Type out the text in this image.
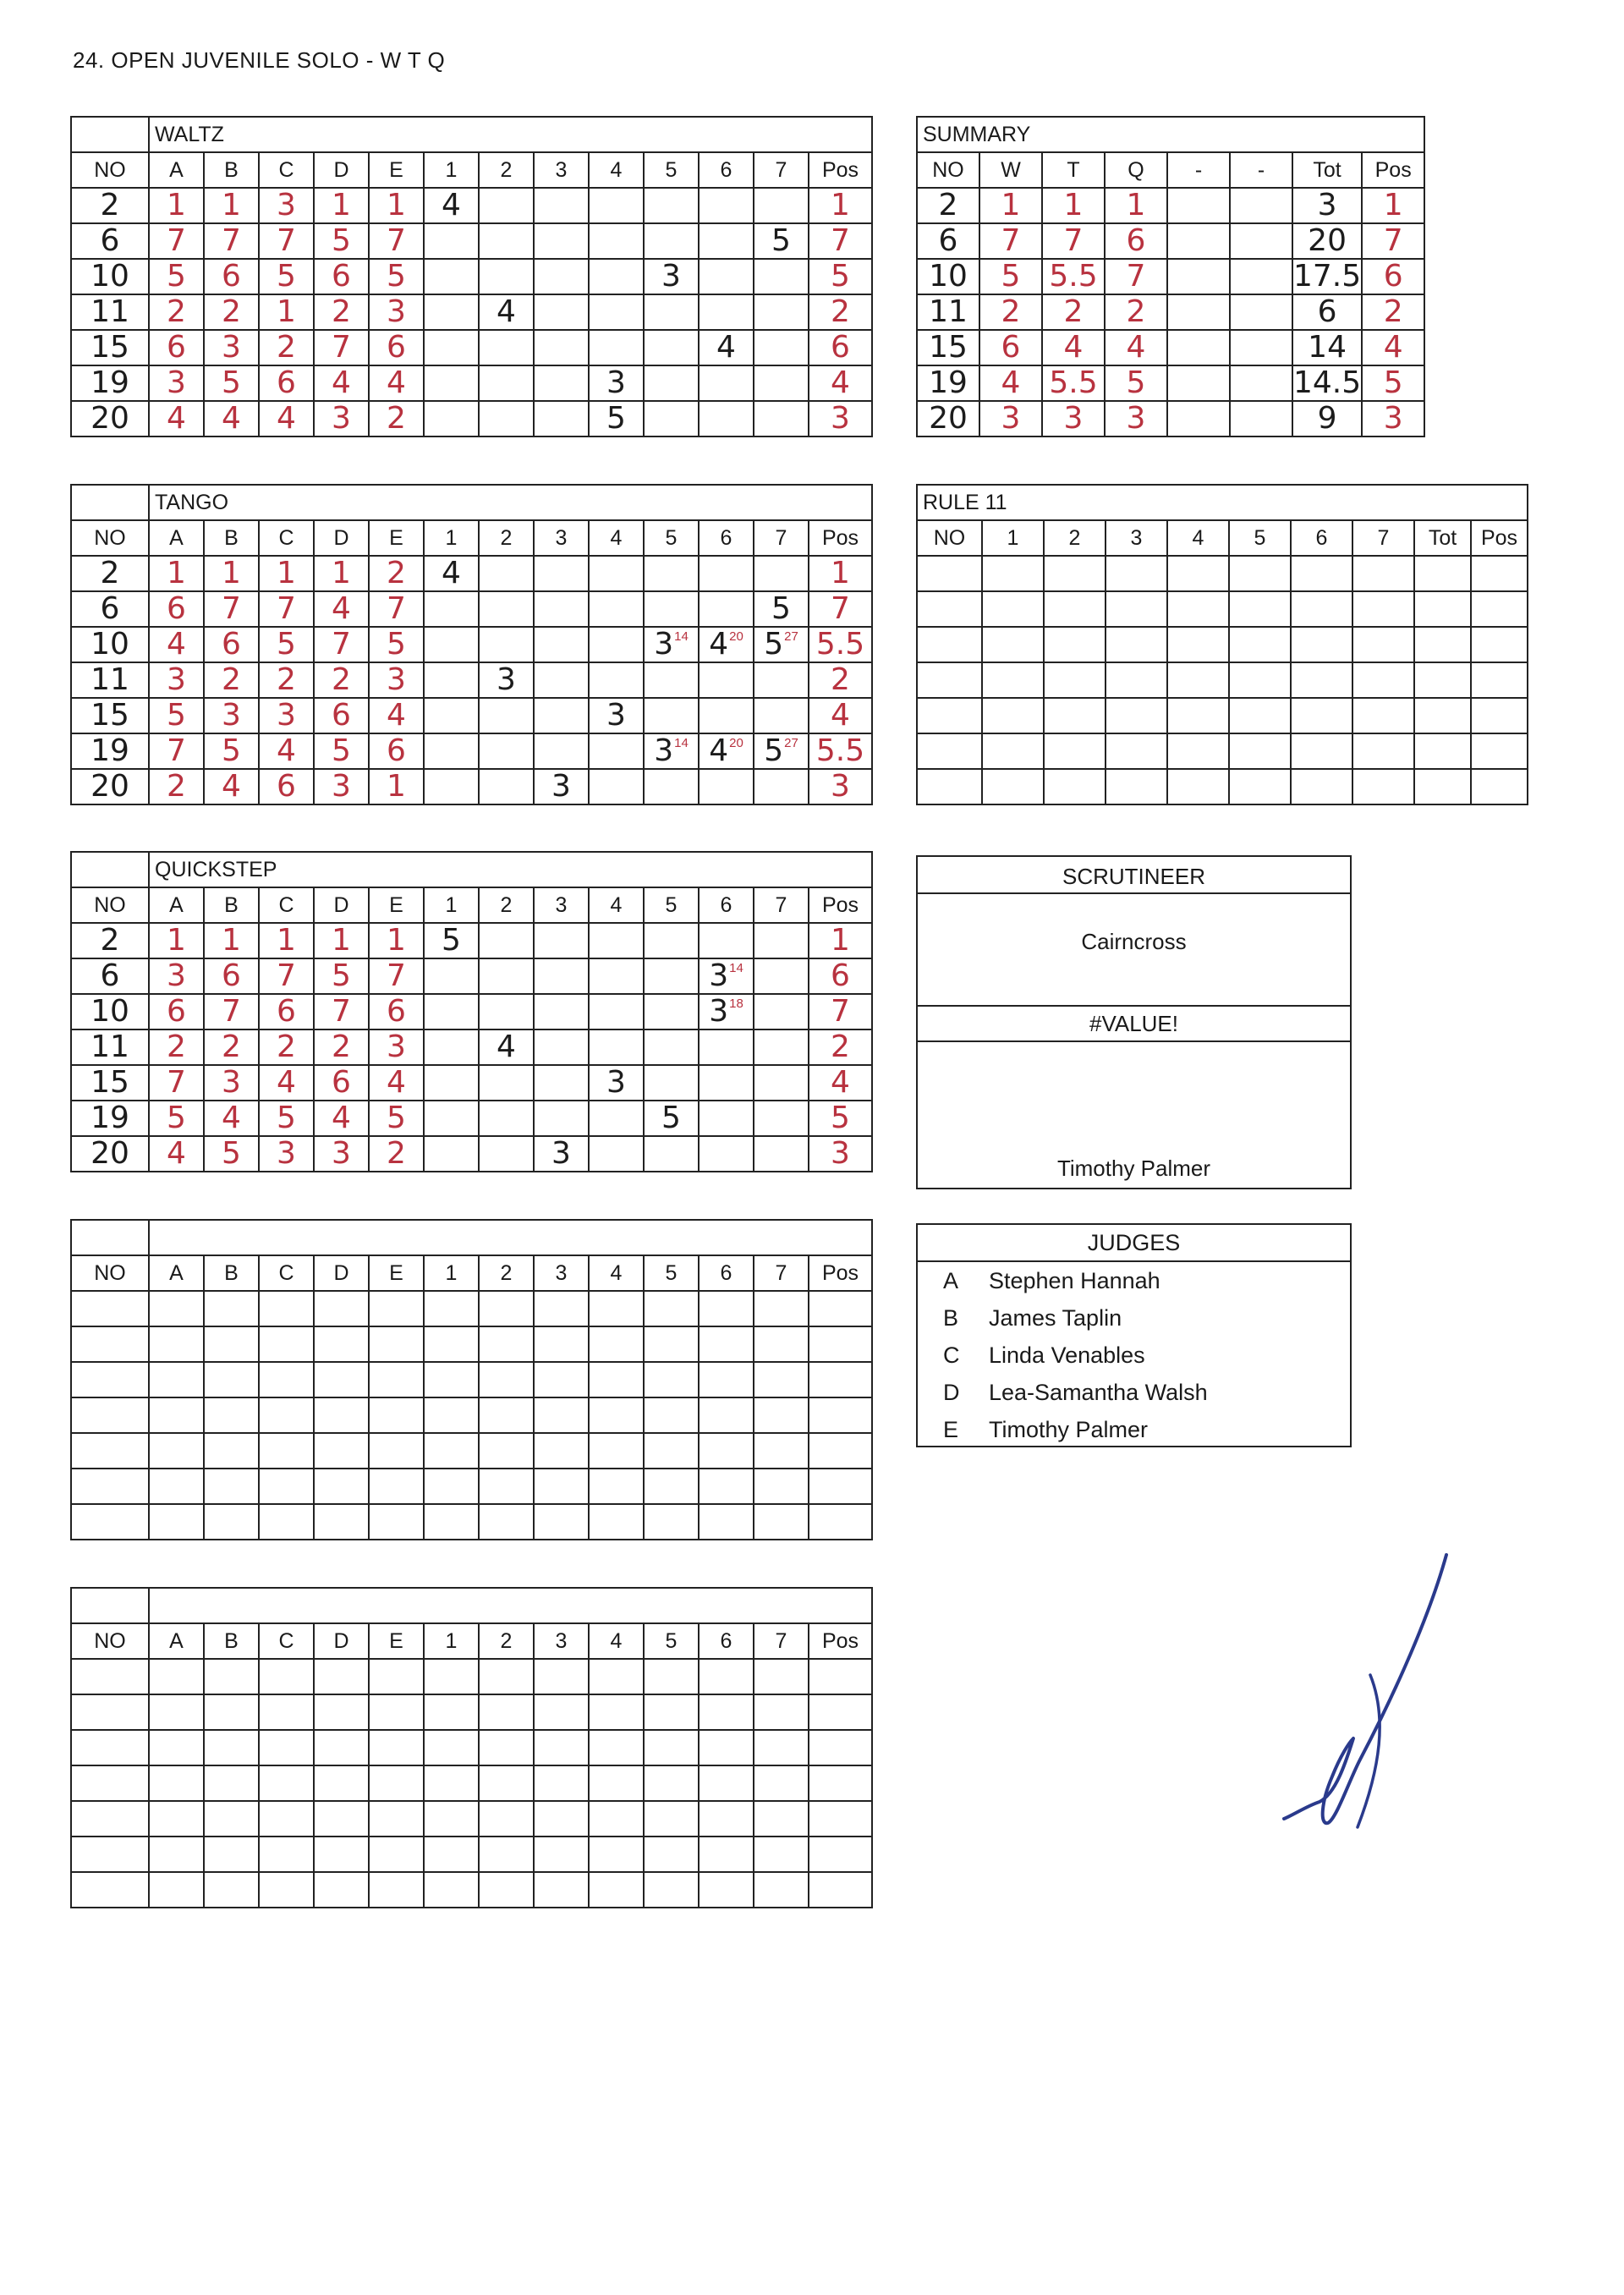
24. OPEN JUVENILE SOLO - W T Q
	WALTZ												
NO	A	B	C	D	E	1	2	3	4	5	6	7	Pos
2	1	1	3	1	1	4							1
6	7	7	7	5	7							5	7
10	5	6	5	6	5					3			5
11	2	2	1	2	3		4						2
15	6	3	2	7	6						4		6
19	3	5	6	4	4				3				4
20	4	4	4	3	2				5				3
	TANGO												
NO	A	B	C	D	E	1	2	3	4	5	6	7	Pos
2	1	1	1	1	2	4							1
6	6	7	7	4	7							5	7
10	4	6	5	7	5					$3^{14}$	$4^{20}$	$5^{27}$	5.5
11	3	2	2	2	3		3						2
15	5	3	3	6	4				3				4
19	7	5	4	5	6					$3^{14}$	$4^{20}$	$5^{27}$	5.5
20	2	4	6	3	1			3					3
	QUICKSTEP												
NO	A	B	C	D	E	1	2	3	4	5	6	7	Pos
2	1	1	1	1	1	5							1
6	3	6	7	5	7						$3^{14}$		6
10	6	7	6	7	6						$3^{18}$		7
11	2	2	2	2	3		4						2
15	7	3	4	6	4				3				4
19	5	4	5	4	5					5			5
20	4	5	3	3	2			3					3

NO	A	B	C	D	E	1	2	3	4	5	6	7	Pos

NO	A	B	C	D	E	1	2	3	4	5	6	7	Pos

SUMMARY							
NO	W	T	Q	-	-	Tot	Pos
2	1	1	1			3	1
6	7	7	6			20	7
10	5	5.5	7			17.5	6
11	2	2	2			6	2
15	6	4	4			14	4
19	4	5.5	5			14.5	5
20	3	3	3			9	3
RULE 11									
NO	1	2	3	4	5	6	7	Tot	Pos

SCRUTINEER
Cairncross
#VALUE!
Timothy Palmer
JUDGES
A Stephen Hannah
B James Taplin
C Linda Venables
D Lea-Samantha Walsh
E Timothy Palmer
